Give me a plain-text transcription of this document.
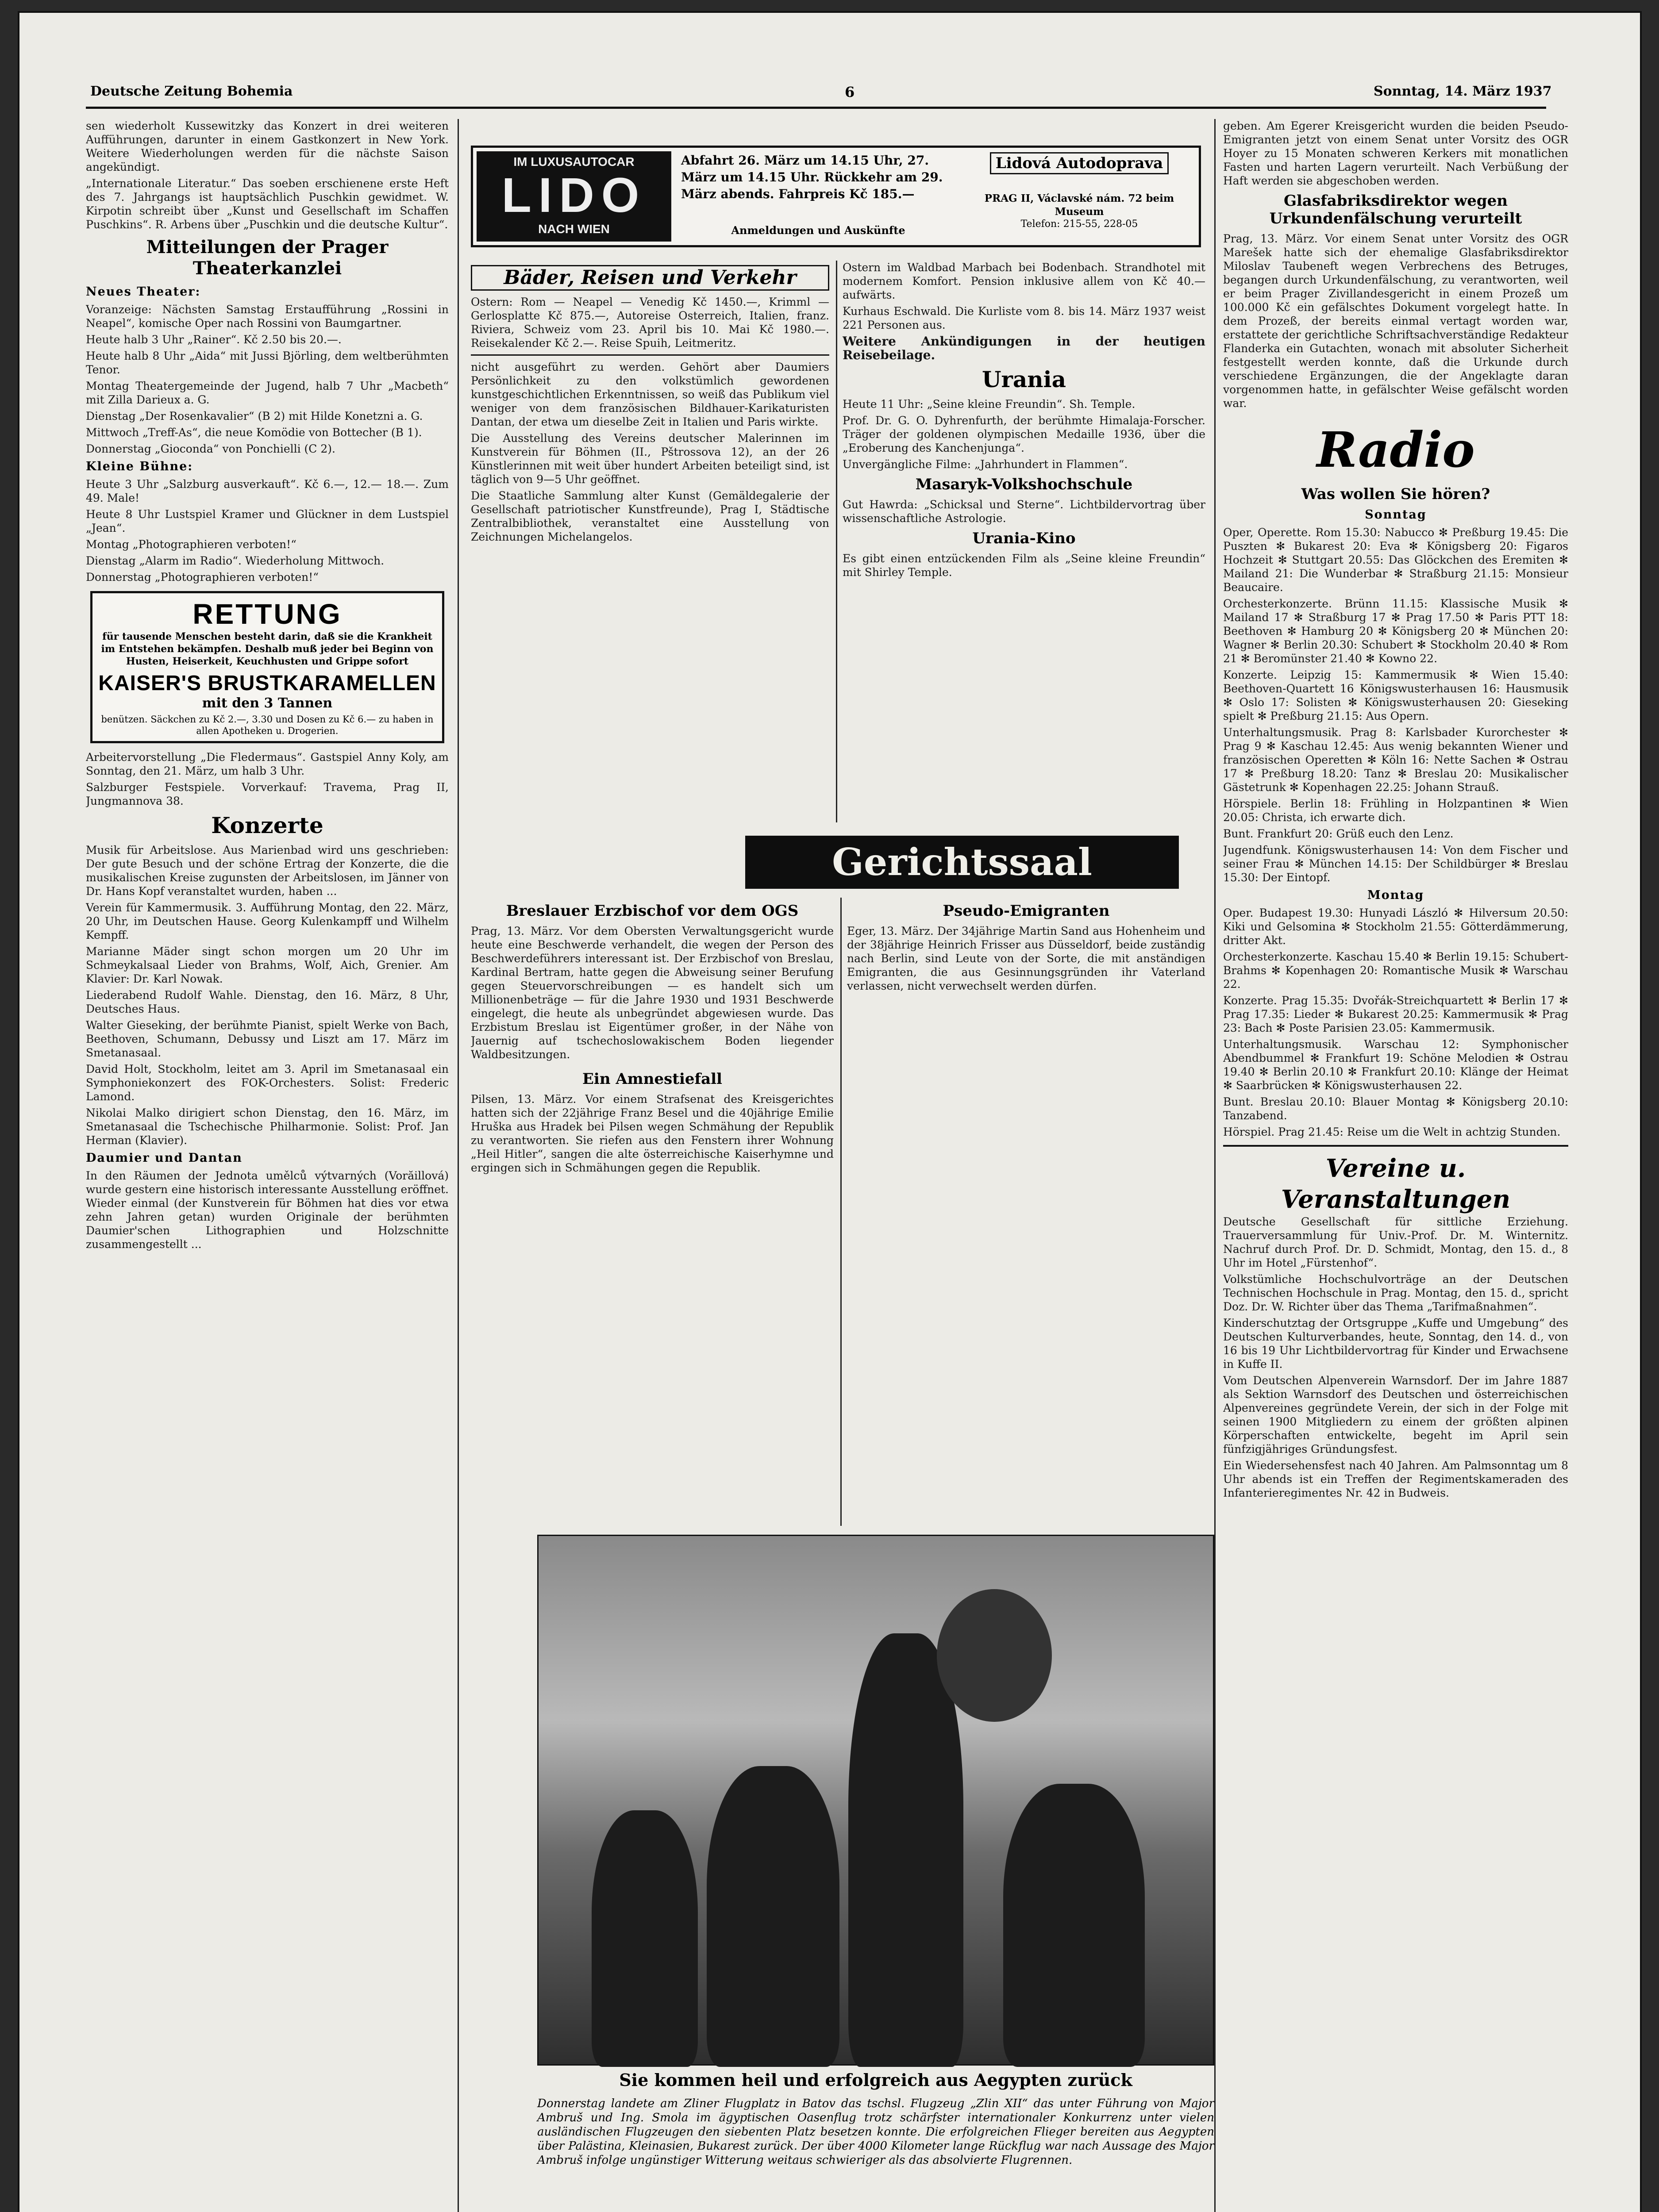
Deutsche Zeitung Bohemia	6	Sonntag, 14. März 1937

sen wiederholt Kussewitzky das Konzert in drei weiteren Aufführungen, darunter in einem Gastkonzert in New York. Weitere Wiederholungen werden für die nächste Saison angekündigt.

„Internationale Literatur.“ Das soeben erschienene erste Heft des 7. Jahrgangs ist hauptsächlich Puschkin gewidmet. W. Kirpotin schreibt über „Kunst und Gesellschaft im Schaffen Puschkins“. R. Arbens über „Puschkin und die deutsche Kultur“.

Mitteilungen der Prager Theaterkanzlei
Neues Theater:

Voranzeige: Nächsten Samstag Erstaufführung „Rossini in Neapel“, komische Oper nach Rossini von Baumgartner.

Heute halb 3 Uhr „Rainer“. Kč 2.50 bis 20.—.

Heute halb 8 Uhr „Aida“ mit Jussi Björling, dem weltberühmten Tenor.

Montag Theatergemeinde der Jugend, halb 7 Uhr „Macbeth“ mit Zilla Darieux a. G.

Dienstag „Der Rosenkavalier“ (B 2) mit Hilde Konetzni a. G.

Mittwoch „Treff-As“, die neue Komödie von Bottecher (B 1).

Donnerstag „Gioconda“ von Ponchielli (C 2).

Kleine Bühne:

Heute 3 Uhr „Salzburg ausverkauft“. Kč 6.—, 12.— 18.—. Zum 49. Male!

Heute 8 Uhr Lustspiel Kramer und Glückner in dem Lustspiel „Jean“.

Montag „Photographieren verboten!“

Dienstag „Alarm im Radio“. Wiederholung Mittwoch.

Donnerstag „Photographieren verboten!“

RETTUNG
für tausende Menschen besteht darin, daß sie die Krankheit im Entstehen bekämpfen. Deshalb muß jeder bei Beginn von Husten, Heiserkeit, Keuchhusten und Grippe sofort
KAISER'S BRUSTKARAMELLEN
mit den 3 Tannen
benützen. Säckchen zu Kč 2.—, 3.30 und Dosen zu Kč 6.— zu haben in allen Apotheken u. Drogerien.

Arbeitervorstellung „Die Fledermaus“. Gastspiel Anny Koly, am Sonntag, den 21. März, um halb 3 Uhr.

Salzburger Festspiele. Vorverkauf: Travema, Prag II, Jungmannova 38.

Konzerte

Musik für Arbeitslose. Aus Marienbad wird uns geschrieben: Der gute Besuch und der schöne Ertrag der Konzerte, die die musikalischen Kreise zugunsten der Arbeitslosen, im Jänner von Dr. Hans Kopf veranstaltet wurden, haben ...

Verein für Kammermusik. 3. Aufführung Montag, den 22. März, 20 Uhr, im Deutschen Hause. Georg Kulenkampff und Wilhelm Kempff.

Marianne Mäder singt schon morgen um 20 Uhr im Schmeykalsaal Lieder von Brahms, Wolf, Aich, Grenier. Am Klavier: Dr. Karl Nowak.

Liederabend Rudolf Wahle. Dienstag, den 16. März, 8 Uhr, Deutsches Haus.

Walter Gieseking, der berühmte Pianist, spielt Werke von Bach, Beethoven, Schumann, Debussy und Liszt am 17. März im Smetanasaal.

David Holt, Stockholm, leitet am 3. April im Smetanasaal ein Symphoniekonzert des FOK-Orchesters. Solist: Frederic Lamond.

Nikolai Malko dirigiert schon Dienstag, den 16. März, im Smetanasaal die Tschechische Philharmonie. Solist: Prof. Jan Herman (Klavier).

Daumier und Dantan

In den Räumen der Jednota umělců výtvarných (Vorăillová) wurde gestern eine historisch interessante Ausstellung eröffnet. Wieder einmal (der Kunstverein für Böhmen hat dies vor etwa zehn Jahren getan) wurden Originale der berühmten Daumier'schen Lithographien und Holzschnitte zusammengestellt ...

IM LUXUSAUTOCAR
LIDO
NACH WIEN
Abfahrt 26. März um 14.15 Uhr, 27. März um 14.15 Uhr. Rückkehr am 29. März abends. Fahrpreis Kč 185.—
Anmeldungen und Auskünfte
Lidová Autodoprava
PRAG II, Václavské nám. 72 beim Museum
Telefon: 215-55, 228-05
Bäder, Reisen und Verkehr

Ostern: Rom — Neapel — Venedig Kč 1450.—, Krimml — Gerlosplatte Kč 875.—, Autoreise Osterreich, Italien, franz. Riviera, Schweiz vom 23. April bis 10. Mai Kč 1980.—. Reisekalender Kč 2.—. Reise Spuih, Leitmeritz.

nicht ausgeführt zu werden. Gehört aber Daumiers Persönlichkeit zu den volkstümlich gewordenen kunstgeschichtlichen Erkenntnissen, so weiß das Publikum viel weniger von dem französischen Bildhauer-Karikaturisten Dantan, der etwa um dieselbe Zeit in Italien und Paris wirkte.

Die Ausstellung des Vereins deutscher Malerinnen im Kunstverein für Böhmen (II., Pštrossova 12), an der 26 Künstlerinnen mit weit über hundert Arbeiten beteiligt sind, ist täglich von 9—5 Uhr geöffnet.

Die Staatliche Sammlung alter Kunst (Gemäldegalerie der Gesellschaft patriotischer Kunstfreunde), Prag I, Städtische Zentralbibliothek, veranstaltet eine Ausstellung von Zeichnungen Michelangelos.

Ostern im Waldbad Marbach bei Bodenbach. Strandhotel mit modernem Komfort. Pension inklusive allem von Kč 40.— aufwärts.

Kurhaus Eschwald. Die Kurliste vom 8. bis 14. März 1937 weist 221 Personen aus.

Weitere Ankündigungen in der heutigen Reisebeilage.

Urania

Heute 11 Uhr: „Seine kleine Freundin“. Sh. Temple.

Prof. Dr. G. O. Dyhrenfurth, der berühmte Himalaja-Forscher. Träger der goldenen olympischen Medaille 1936, über die „Eroberung des Kanchenjunga“.

Unvergängliche Filme: „Jahrhundert in Flammen“.

Masaryk-Volkshochschule

Gut Hawrda: „Schicksal und Sterne“. Lichtbildervortrag über wissenschaftliche Astrologie.

Urania-Kino

Es gibt einen entzückenden Film als „Seine kleine Freundin“ mit Shirley Temple.

Gerichtssaal
Breslauer Erzbischof vor dem OGS

Prag, 13. März. Vor dem Obersten Verwaltungsgericht wurde heute eine Beschwerde verhandelt, die wegen der Person des Beschwerdeführers interessant ist. Der Erzbischof von Breslau, Kardinal Bertram, hatte gegen die Abweisung seiner Berufung gegen Steuervorschreibungen — es handelt sich um Millionenbeträge — für die Jahre 1930 und 1931 Beschwerde eingelegt, die heute als unbegründet abgewiesen wurde. Das Erzbistum Breslau ist Eigentümer großer, in der Nähe von Jauernig auf tschechoslowakischem Boden liegender Waldbesitzungen.

Ein Amnestiefall

Pilsen, 13. März. Vor einem Strafsenat des Kreisgerichtes hatten sich der 22jährige Franz Besel und die 40jährige Emilie Hruška aus Hradek bei Pilsen wegen Schmähung der Republik zu verantworten. Sie riefen aus den Fenstern ihrer Wohnung „Heil Hitler“, sangen die alte österreichische Kaiserhymne und ergingen sich in Schmähungen gegen die Republik.

Pseudo-Emigranten

Eger, 13. März. Der 34jährige Martin Sand aus Hohenheim und der 38jährige Heinrich Frisser aus Düsseldorf, beide zuständig nach Berlin, sind Leute von der Sorte, die mit anständigen Emigranten, die aus Gesinnungsgründen ihr Vaterland verlassen, nicht verwechselt werden dürfen.

Sie kommen heil und erfolgreich aus Aegypten zurück
Donnerstag landete am Zliner Flugplatz in Batov das tschsl. Flugzeug „Zlin XII“ das unter Führung von Major Ambruš und Ing. Smola im ägyptischen Oasenflug trotz schärfster internationaler Konkurrenz unter vielen ausländischen Flugzeugen den siebenten Platz besetzen konnte. Die erfolgreichen Flieger bereiten aus Aegypten über Palästina, Kleinasien, Bukarest zurück. Der über 4000 Kilometer lange Rückflug war nach Aussage des Major Ambruš infolge ungünstiger Witterung weitaus schwieriger als das absolvierte Flugrennen.

geben. Am Egerer Kreisgericht wurden die beiden Pseudo-Emigranten jetzt von einem Senat unter Vorsitz des OGR Hoyer zu 15 Monaten schweren Kerkers mit monatlichen Fasten und harten Lagern verurteilt. Nach Verbüßung der Haft werden sie abgeschoben werden.

Glasfabriksdirektor wegen Urkundenfälschung verurteilt

Prag, 13. März. Vor einem Senat unter Vorsitz des OGR Marešek hatte sich der ehemalige Glasfabriksdirektor Miloslav Taubeneft wegen Verbrechens des Betruges, begangen durch Urkundenfälschung, zu verantworten, weil er beim Prager Zivillandesgericht in einem Prozeß um 100.000 Kč ein gefälschtes Dokument vorgelegt hatte. In dem Prozeß, der bereits einmal vertagt worden war, erstattete der gerichtliche Schriftsachverständige Redakteur Flanderka ein Gutachten, wonach mit absoluter Sicherheit festgestellt werden konnte, daß die Urkunde durch verschiedene Ergänzungen, die der Angeklagte daran vorgenommen hatte, in gefälschter Weise gefälscht worden war.

Radio
Was wollen Sie hören?
Sonntag

Oper, Operette. Rom 15.30: Nabucco ✻ Preßburg 19.45: Die Puszten ✻ Bukarest 20: Eva ✻ Königsberg 20: Figaros Hochzeit ✻ Stuttgart 20.55: Das Glöckchen des Eremiten ✻ Mailand 21: Die Wunderbar ✻ Straßburg 21.15: Monsieur Beaucaire.

Orchesterkonzerte. Brünn 11.15: Klassische Musik ✻ Mailand 17 ✻ Straßburg 17 ✻ Prag 17.50 ✻ Paris PTT 18: Beethoven ✻ Hamburg 20 ✻ Königsberg 20 ✻ München 20: Wagner ✻ Berlin 20.30: Schubert ✻ Stockholm 20.40 ✻ Rom 21 ✻ Beromünster 21.40 ✻ Kowno 22.

Konzerte. Leipzig 15: Kammermusik ✻ Wien 15.40: Beethoven-Quartett 16 Königswusterhausen 16: Hausmusik ✻ Oslo 17: Solisten ✻ Königswusterhausen 20: Gieseking spielt ✻ Preßburg 21.15: Aus Opern.

Unterhaltungsmusik. Prag 8: Karlsbader Kurorchester ✻ Prag 9 ✻ Kaschau 12.45: Aus wenig bekannten Wiener und französischen Operetten ✻ Köln 16: Nette Sachen ✻ Ostrau 17 ✻ Preßburg 18.20: Tanz ✻ Breslau 20: Musikalischer Gästetrunk ✻ Kopenhagen 22.25: Johann Strauß.

Hörspiele. Berlin 18: Frühling in Holzpantinen ✻ Wien 20.05: Christa, ich erwarte dich.

Bunt. Frankfurt 20: Grüß euch den Lenz.

Jugendfunk. Königswusterhausen 14: Von dem Fischer und seiner Frau ✻ München 14.15: Der Schildbürger ✻ Breslau 15.30: Der Eintopf.

Montag

Oper. Budapest 19.30: Hunyadi László ✻ Hilversum 20.50: Kiki und Gelsomina ✻ Stockholm 21.55: Götterdämmerung, dritter Akt.

Orchesterkonzerte. Kaschau 15.40 ✻ Berlin 19.15: Schubert-Brahms ✻ Kopenhagen 20: Romantische Musik ✻ Warschau 22.

Konzerte. Prag 15.35: Dvořák-Streichquartett ✻ Berlin 17 ✻ Prag 17.35: Lieder ✻ Bukarest 20.25: Kammermusik ✻ Prag 23: Bach ✻ Poste Parisien 23.05: Kammermusik.

Unterhaltungsmusik. Warschau 12: Symphonischer Abendbummel ✻ Frankfurt 19: Schöne Melodien ✻ Ostrau 19.40 ✻ Berlin 20.10 ✻ Frankfurt 20.10: Klänge der Heimat ✻ Saarbrücken ✻ Königswusterhausen 22.

Bunt. Breslau 20.10: Blauer Montag ✻ Königsberg 20.10: Tanzabend.

Hörspiel. Prag 21.45: Reise um die Welt in achtzig Stunden.

Vereine u. Veranstaltungen

Deutsche Gesellschaft für sittliche Erziehung. Trauerversammlung für Univ.-Prof. Dr. M. Winternitz. Nachruf durch Prof. Dr. D. Schmidt, Montag, den 15. d., 8 Uhr im Hotel „Fürstenhof“.

Volkstümliche Hochschulvorträge an der Deutschen Technischen Hochschule in Prag. Montag, den 15. d., spricht Doz. Dr. W. Richter über das Thema „Tarifmaßnahmen“.

Kinderschutztag der Ortsgruppe „Kuffe und Umgebung“ des Deutschen Kulturverbandes, heute, Sonntag, den 14. d., von 16 bis 19 Uhr Lichtbildervortrag für Kinder und Erwachsene in Kuffe II.

Vom Deutschen Alpenverein Warnsdorf. Der im Jahre 1887 als Sektion Warnsdorf des Deutschen und österreichischen Alpenvereines gegründete Verein, der sich in der Folge mit seinen 1900 Mitgliedern zu einem der größten alpinen Körperschaften entwickelte, begeht im April sein fünfzigjähriges Gründungsfest.

Ein Wiedersehensfest nach 40 Jahren. Am Palmsonntag um 8 Uhr abends ist ein Treffen der Regimentskameraden des Infanterieregimentes Nr. 42 in Budweis.
